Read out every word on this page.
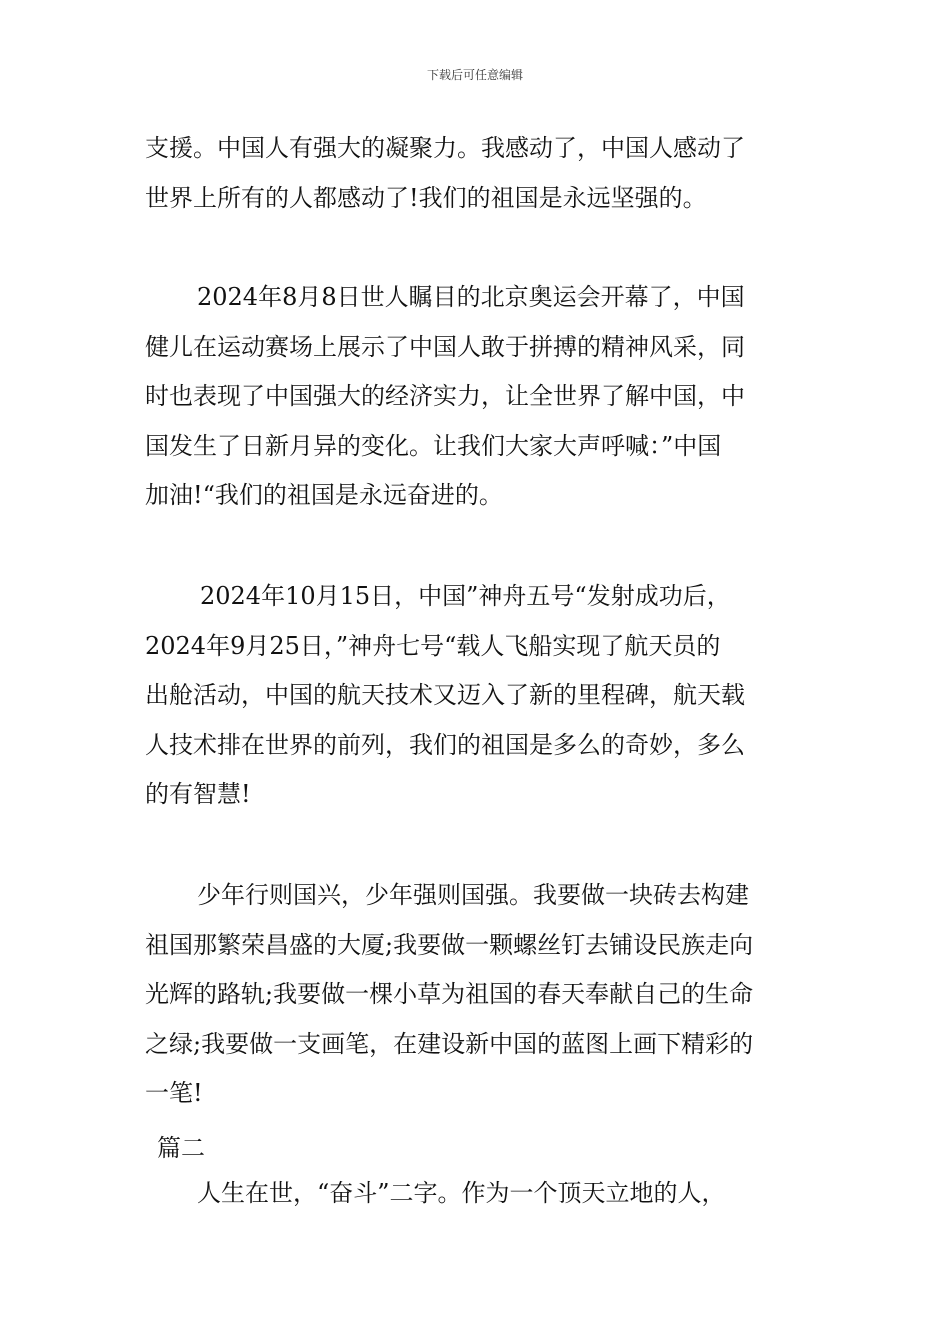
下载后可任意编辑
支援。中国人有强大的凝聚力。我感动了，中国人感动了
世界上所有的人都感动了!我们的祖国是永远坚强的。
2024年8月8日世人瞩目的北京奥运会开幕了，中国
健儿在运动赛场上展示了中国人敢于拼搏的精神风采，同
时也表现了中国强大的经济实力，让全世界了解中国，中
国发生了日新月异的变化。让我们大家大声呼喊：”中国
加油!“我们的祖国是永远奋进的。
2024年10月15日，中国”神舟五号“发射成功后，
2024年9月25日，”神舟七号“载人飞船实现了航天员的
出舱活动，中国的航天技术又迈入了新的里程碑，航天载
人技术排在世界的前列，我们的祖国是多么的奇妙，多么
的有智慧!
少年行则国兴，少年强则国强。我要做一块砖去构建
祖国那繁荣昌盛的大厦;我要做一颗螺丝钉去铺设民族走向
光辉的路轨;我要做一棵小草为祖国的春天奉献自己的生命
之绿;我要做一支画笔，在建设新中国的蓝图上画下精彩的
一笔!
篇二
人生在世，“奋斗”二字。作为一个顶天立地的人，
